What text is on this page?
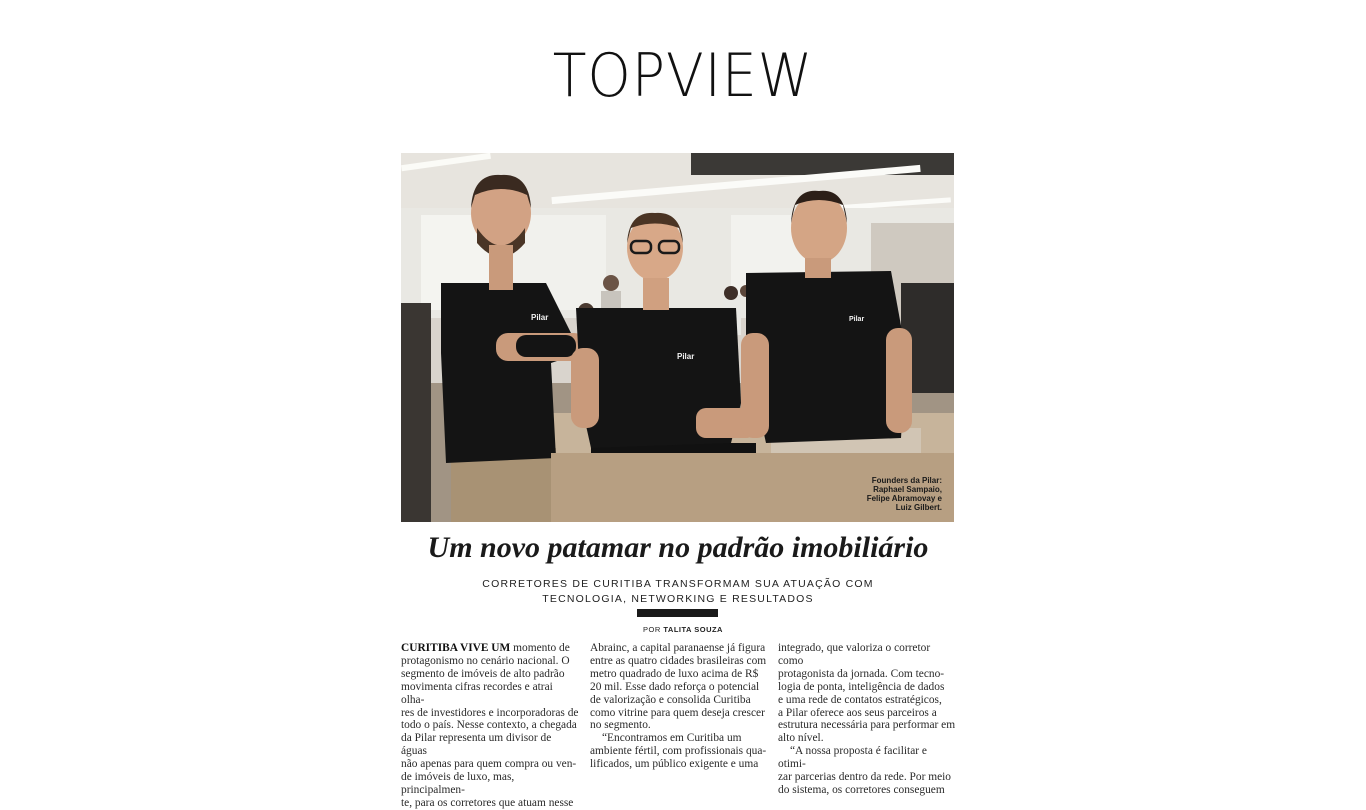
TOPVIEW
Pilar
Pilar
Pilar
Founders da Pilar:
Raphael Sampaio,
Felipe Abramovay e
Luiz Gilbert.
Um novo patamar no padrão imobiliário
CORRETORES DE CURITIBA TRANSFORMAM SUA ATUAÇÃO COM
TECNOLOGIA, NETWORKING E RESULTADOS
POR TALITA SOUZA

CURITIBA VIVE UM momento de

protagonismo no cenário nacional. O

segmento de imóveis de alto padrão

movimenta cifras recordes e atrai olha-

res de investidores e incorporadoras de

todo o país. Nesse contexto, a chegada

da Pilar representa um divisor de águas

não apenas para quem compra ou ven-

de imóveis de luxo, mas, principalmen-

te, para os corretores que atuam nesse

Abrainc, a capital paranaense já figura

entre as quatro cidades brasileiras com

metro quadrado de luxo acima de R$

20 mil. Esse dado reforça o potencial

de valorização e consolida Curitiba

como vitrine para quem deseja crescer

no segmento.

“Encontramos em Curitiba um

ambiente fértil, com profissionais qua-

lificados, um público exigente e uma

integrado, que valoriza o corretor como

protagonista da jornada. Com tecno-

logia de ponta, inteligência de dados

e uma rede de contatos estratégicos,

a Pilar oferece aos seus parceiros a

estrutura necessária para performar em

alto nível.

“A nossa proposta é facilitar e otimi-

zar parcerias dentro da rede. Por meio

do sistema, os corretores conseguem
